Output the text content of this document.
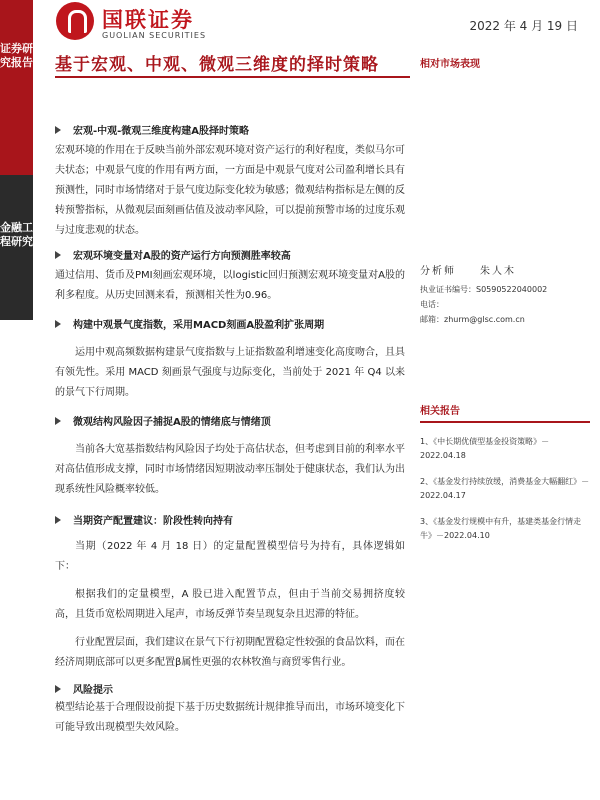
证券研究报告
金融工程研究
国联证券
GUOLIAN SECURITIES
2022 年 4 月 19 日
基于宏观、中观、微观三维度的择时策略	相对市场表现
宏观-中观-微观三维度构建A股择时策略
宏观环境的作用在于反映当前外部宏观环境对资产运行的利好程度，类似马尔可夫状态；中观景气度的作用有两方面，一方面是中观景气度对公司盈利增长具有预测性，同时市场情绪对于景气度边际变化较为敏感；微观结构指标是左侧的反转预警指标，从微观层面刻画估值及波动率风险，可以提前预警市场的过度乐观与过度悲观的状态。
宏观环境变量对A股的资产运行方向预测胜率较高
通过信用、货币及PMI刻画宏观环境，以logistic回归预测宏观环境变量对A股的利多程度。从历史回测来看，预测相关性为0.96。
构建中观景气度指数，采用MACD刻画A股盈利扩张周期
运用中观高频数据构建景气度指数与上证指数盈利增速变化高度吻合，且具有领先性。采用 MACD 刻画景气强度与边际变化，当前处于 2021 年 Q4 以来的景气下行周期。
微观结构风险因子捕捉A股的情绪底与情绪顶
当前各大宽基指数结构风险因子均处于高估状态，但考虑到目前的利率水平对高估值形成支撑，同时市场情绪因短期波动率压制处于健康状态，我们认为出现系统性风险概率较低。
当期资产配置建议：阶段性转向持有
当期（2022 年 4 月 18 日）的定量配置模型信号为持有，具体逻辑如下：
根据我们的定量模型，A 股已进入配置节点，但由于当前交易拥挤度较高，且货币宽松周期进入尾声，市场反弹节奏呈现复杂且迟滞的特征。
行业配置层面，我们建议在景气下行初期配置稳定性较强的食品饮料，而在经济周期底部可以更多配置β属性更强的农林牧渔与商贸零售行业。
风险提示
模型结论基于合理假设前提下基于历史数据统计规律推导而出，市场环境变化下可能导致出现模型失效风险。
分析师　　朱人木
执业证书编号：S0590522040002
电话：
邮箱：zhurm@glsc.com.cn
相关报告
1、《中长期优债型基金投资策略》－2022.04.18
2、《基金发行持续放缓，消费基金大幅翻红》－2022.04.17
3、《基金发行规模中有升，基建类基金行情走牛》－2022.04.10
